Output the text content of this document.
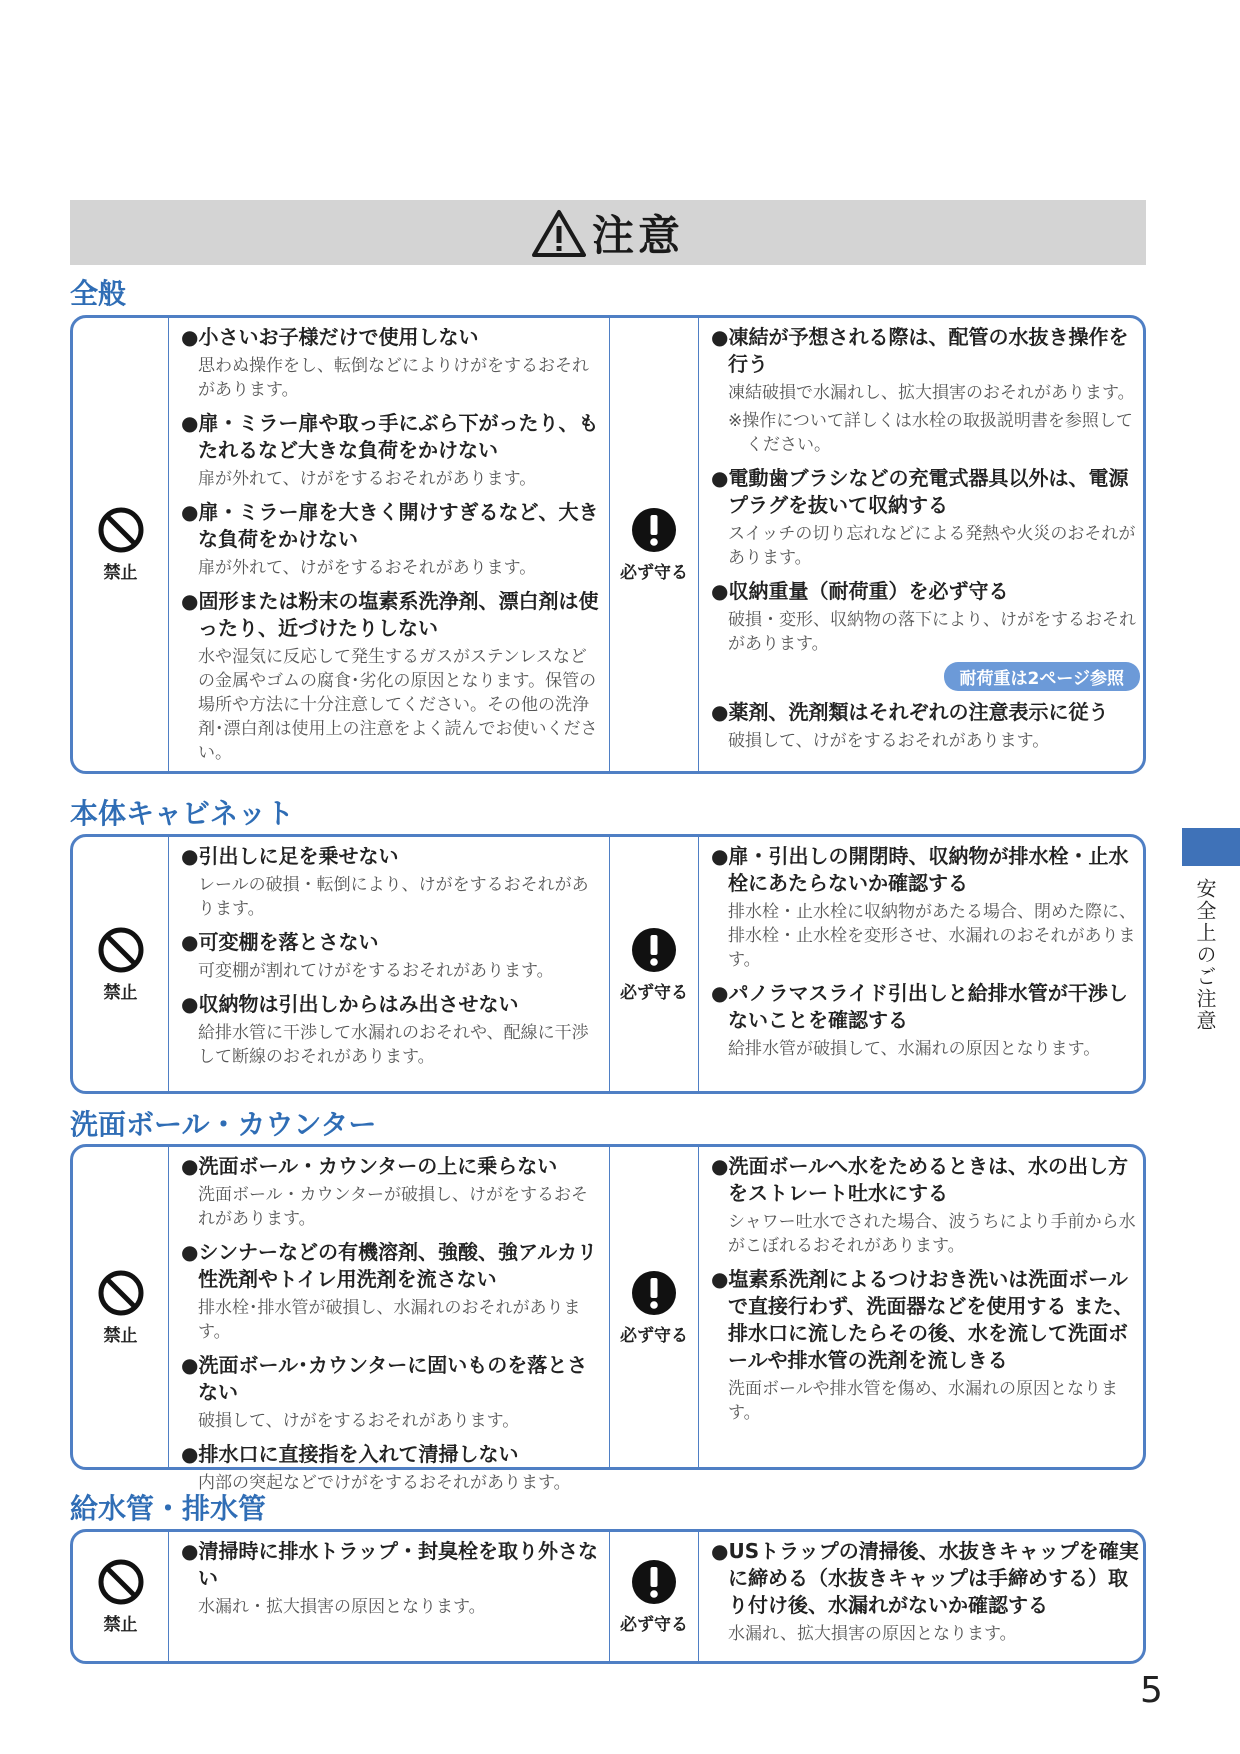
注意
全般
禁止
● 小さいお子様だけで使用しない
思わぬ操作をし、転倒などによりけがをするおそれがあります。
● 扉・ミラー扉や取っ手にぶら下がったり、もたれるなど大きな負荷をかけない
扉が外れて、けがをするおそれがあります。
● 扉・ミラー扉を大きく開けすぎるなど、大きな負荷をかけない
扉が外れて、けがをするおそれがあります。
● 固形または粉末の塩素系洗浄剤、漂白剤は使ったり、近づけたりしない
水や湿気に反応して発生するガスがステンレスなどの金属やゴムの腐食･劣化の原因となります。保管の場所や方法に十分注意してください。その他の洗浄剤･漂白剤は使用上の注意をよく読んでお使いください。
必ず守る
● 凍結が予想される際は、配管の水抜き操作を行う
凍結破損で水漏れし、拡大損害のおそれがあります。
※操作について詳しくは水栓の取扱説明書を参照してください。
● 電動歯ブラシなどの充電式器具以外は、電源プラグを抜いて収納する
スイッチの切り忘れなどによる発熱や火災のおそれがあります。
● 収納重量（耐荷重）を必ず守る
破損・変形、収納物の落下により、けがをするおそれがあります。
耐荷重は2ページ参照
● 薬剤、洗剤類はそれぞれの注意表示に従う
破損して、けがをするおそれがあります。
本体キャビネット
禁止
● 引出しに足を乗せない
レールの破損・転倒により、けがをするおそれがあります。
● 可変棚を落とさない
可変棚が割れてけがをするおそれがあります。
● 収納物は引出しからはみ出させない
給排水管に干渉して水漏れのおそれや、配線に干渉して断線のおそれがあります。
必ず守る
● 扉・引出しの開閉時、収納物が排水栓・止水栓にあたらないか確認する
排水栓・止水栓に収納物があたる場合、閉めた際に、排水栓・止水栓を変形させ、水漏れのおそれがあります。
● パノラマスライド引出しと給排水管が干渉しないことを確認する
給排水管が破損して、水漏れの原因となります。
洗面ボール・カウンター
禁止
● 洗面ボール・カウンターの上に乗らない
洗面ボール・カウンターが破損し、けがをするおそれがあります。
● シンナーなどの有機溶剤、強酸、強アルカリ性洗剤やトイレ用洗剤を流さない
排水栓･排水管が破損し、水漏れのおそれがあります。
● 洗面ボール･カウンターに固いものを落とさない
破損して、けがをするおそれがあります。
● 排水口に直接指を入れて清掃しない
内部の突起などでけがをするおそれがあります。
必ず守る
● 洗面ボールへ水をためるときは、水の出し方をストレート吐水にする
シャワー吐水でされた場合、波うちにより手前から水がこぼれるおそれがあります。
● 塩素系洗剤によるつけおき洗いは洗面ボールで直接行わず、洗面器などを使用する また、排水口に流したらその後、水を流して洗面ボールや排水管の洗剤を流しきる
洗面ボールや排水管を傷め、水漏れの原因となります。
給水管・排水管
禁止
● 清掃時に排水トラップ・封臭栓を取り外さない
水漏れ・拡大損害の原因となります。
必ず守る
● USトラップの清掃後、水抜きキャップを確実に締める（水抜きキャップは手締めする）取り付け後、水漏れがないか確認する
水漏れ、拡大損害の原因となります。
安全上のご注意
5
